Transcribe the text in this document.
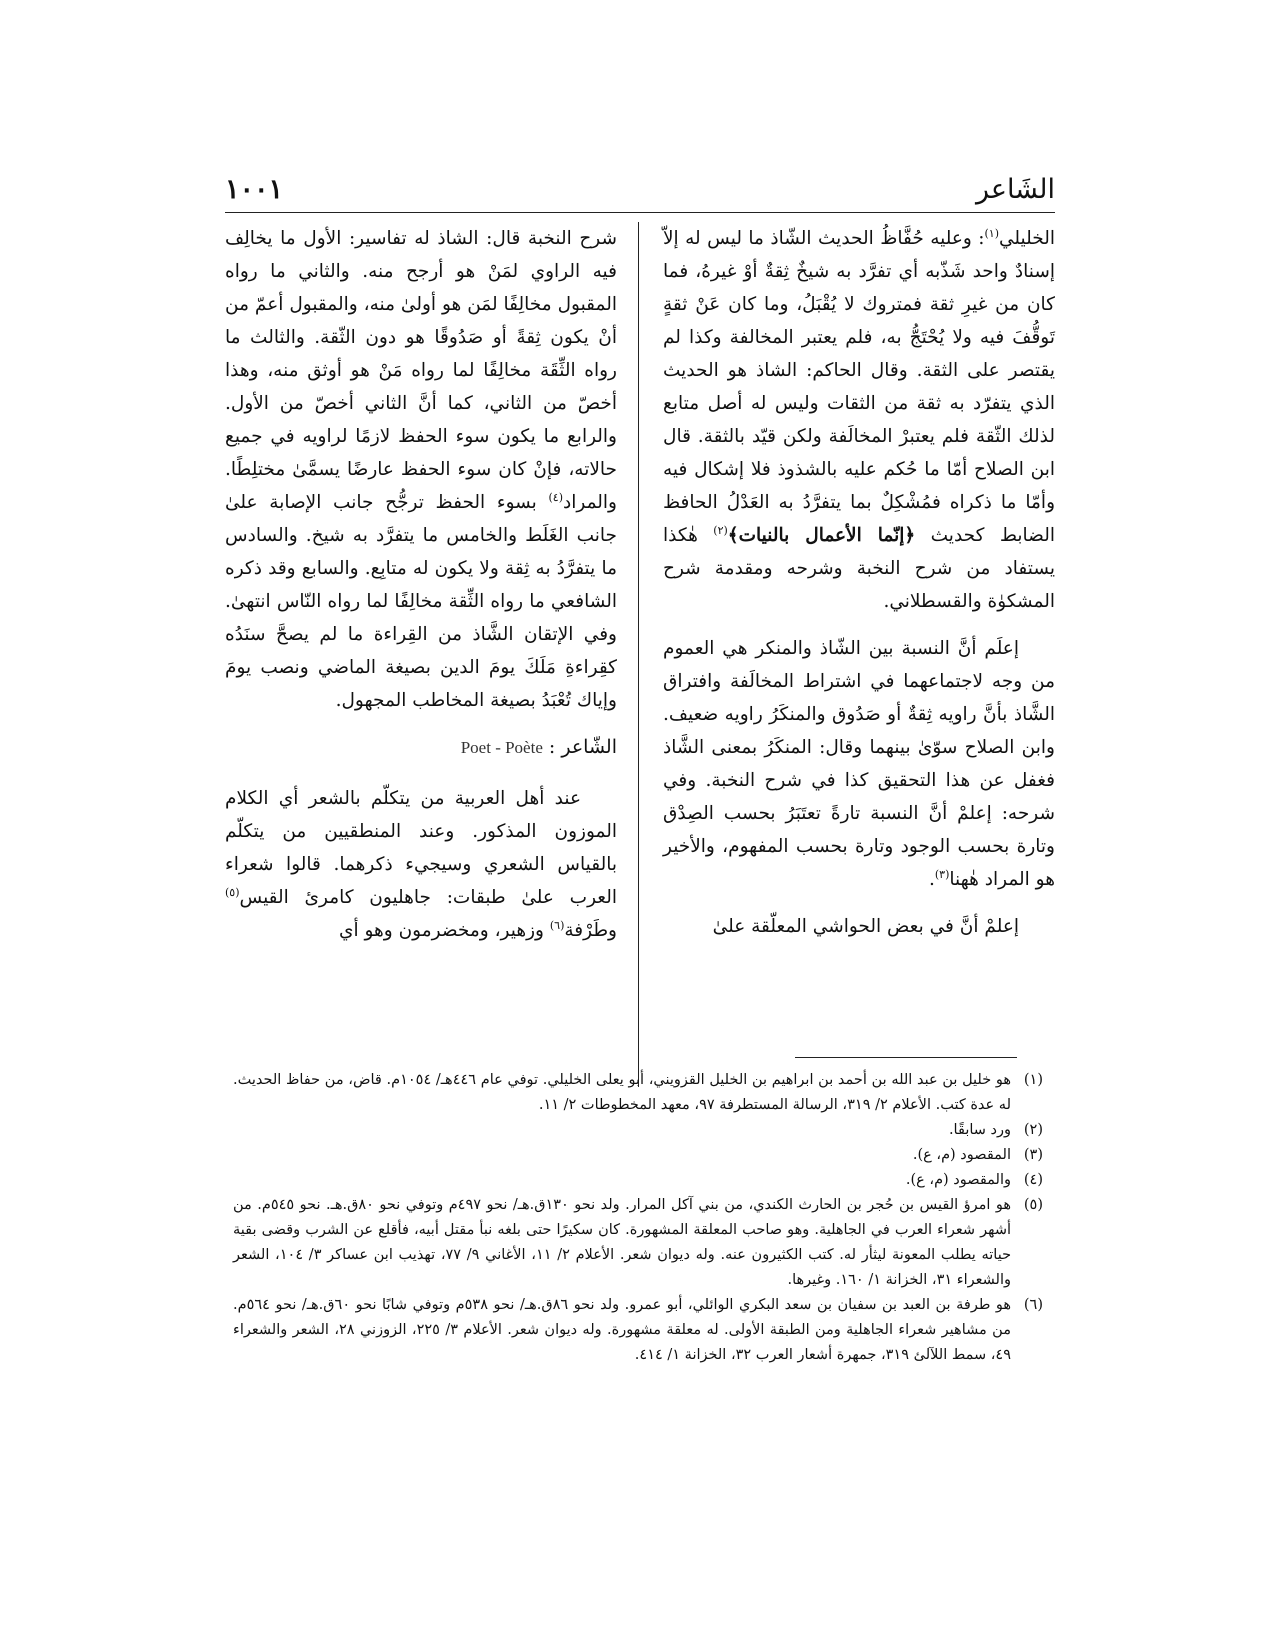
الشَاعر
١٠٠١

الخليلي$^{(١)}$: وعليه حُفَّاظُ الحديث الشّاذ ما ليس له إلاّ إسنادٌ واحد شَذّبه أي تفرَّد به شيخٌ ثِقةٌ أوْ غيرهُ، فما كان من غيرِ ثقة فمتروك لا يُقْبَلُ، وما كان عَنْ ثقةٍ تَوقُّفَ فيه ولا يُحْتَجُّ به، فلم يعتبر المخالفة وكذا لم يقتصر على الثقة. وقال الحاكم: الشاذ هو الحديث الذي يتفرّد به ثقة من الثقات وليس له أصل متابع لذلك الثّقة فلم يعتبرْ المخالَفة ولكن قيّد بالثقة. قال ابن الصلاح أمّا ما حُكم عليه بالشذوذ فلا إشكال فيه وأمّا ما ذكراه فمُشْكِلٌ بما يتفرَّدُ به العَدْلُ الحافظ الضابط كحديث ﴿إنّما الأعمال بالنيات﴾$^{(٢)}$ هٰكذا يستفاد من شرح النخبة وشرحه ومقدمة شرح المشكوٰة والقسطلاني.

إعلَم أنَّ النسبة بين الشّاذ والمنكر هي العموم من وجه لاجتماعهما في اشتراط المخالَفة وافتراق الشَّاذ بأنَّ راويه ثِقةٌ أو صَدُوق والمنكَرُ راويه ضعيف. وابن الصلاح سوّىٰ بينهما وقال: المنكَرُ بمعنى الشَّاذ فغفل عن هذا التحقيق كذا في شرح النخبة. وفي شرحه: إعلمْ أنَّ النسبة تارةً تعتَبَرُ بحسب الصِدْق وتارة بحسب الوجود وتارة بحسب المفهوم، والأخير هو المراد هٰهنا$^{(٣)}$.

إعلمْ أنَّ في بعض الحواشي المعلّقة علىٰ

شرح النخبة قال: الشاذ له تفاسير: الأول ما يخالِف فيه الراوي لمَنْ هو أرجح منه. والثاني ما رواه المقبول مخالِفًا لمَن هو أولىٰ منه، والمقبول أعمّ من أنْ يكون ثِقةً أو صَدُوقًا هو دون الثّقة. والثالث ما رواه الثِّقَة مخالِفًا لما رواه مَنْ هو أوثق منه، وهذا أخصّ من الثاني، كما أنَّ الثاني أخصّ من الأول. والرابع ما يكون سوء الحفظ لازمًا لراويه في جميع حالاته، فإنْ كان سوء الحفظ عارضًا يسمَّىٰ مختلِطًا. والمراد$^{(٤)}$ بسوء الحفظ ترجُّح جانب الإصابة علىٰ جانب الغَلَط والخامس ما يتفرَّد به شيخ. والسادس ما يتفرَّدُ به ثِقة ولا يكون له متابِع. والسابع وقد ذكره الشافعي ما رواه الثِّقة مخالِفًا لما رواه النّاس انتهىٰ. وفي الإتقان الشَّاذ من القِراءة ما لم يصحَّ سنَدُه كقِراءةِ مَلَكَ يومَ الدين بصيغة الماضي ونصب يومَ وإياك تُعْبَدُ بصيغة المخاطب المجهول.

الشّاعر : Poet - Poète

عند أهل العربية من يتكلّم بالشعر أي الكلام الموزون المذكور. وعند المنطقيين من يتكلّم بالقياس الشعري وسيجيء ذكرهما. قالوا شعراء العرب علىٰ طبقات: جاهليون كامرئ القيس$^{(٥)}$ وطَرْفة$^{(٦)}$ وزهير، ومخضرمون وهو أي

(١)
هو خليل بن عبد الله بن أحمد بن ابراهيم بن الخليل القزويني، أبو يعلى الخليلي. توفي عام ٤٤٦هـ/ ١٠٥٤م. قاض، من حفاظ الحديث. له عدة كتب. الأعلام ٢/ ٣١٩، الرسالة المستطرفة ٩٧، معهد المخطوطات ٢/ ١١.
(٢)
ورد سابقًا.
(٣)
المقصود (م، ع).
(٤)
والمقصود (م، ع).
(٥)
هو امرؤ القيس بن حُجر بن الحارث الكندي، من بني آكل المرار. ولد نحو ١٣٠ق.هـ/ نحو ٤٩٧م وتوفي نحو ٨٠ق.هـ. نحو ٥٤٥م. من أشهر شعراء العرب في الجاهلية. وهو صاحب المعلقة المشهورة. كان سكيرًا حتى بلغه نبأ مقتل أبيه، فأقلع عن الشرب وقضى بقية حياته يطلب المعونة ليثأر له. كتب الكثيرون عنه. وله ديوان شعر. الأعلام ٢/ ١١، الأغاني ٩/ ٧٧، تهذيب ابن عساكر ٣/ ١٠٤، الشعر والشعراء ٣١، الخزانة ١/ ١٦٠. وغيرها.
(٦)
هو طرفة بن العبد بن سفيان بن سعد البكري الوائلي، أبو عمرو. ولد نحو ٨٦ق.هـ/ نحو ٥٣٨م وتوفي شابًا نحو ٦٠ق.هـ/ نحو ٥٦٤م. من مشاهير شعراء الجاهلية ومن الطبقة الأولى. له معلقة مشهورة. وله ديوان شعر. الأعلام ٣/ ٢٢٥، الزوزني ٢٨، الشعر والشعراء ٤٩، سمط اللآلئ ٣١٩، جمهرة أشعار العرب ٣٢، الخزانة ١/ ٤١٤.
